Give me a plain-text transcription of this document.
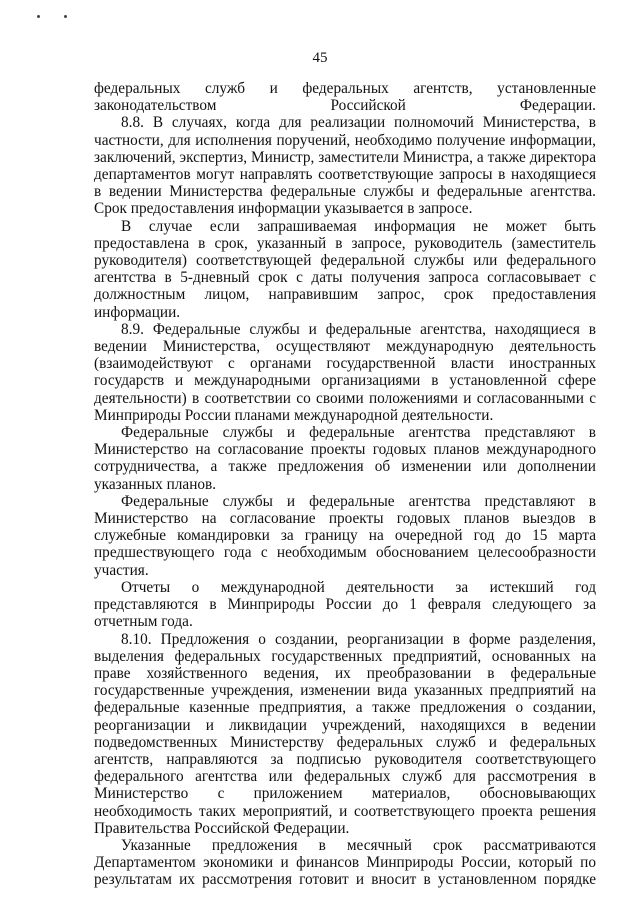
45

федеральных служб и федеральных агентств, установленные законодательством Российской Федерации.

8.8. В случаях, когда для реализации полномочий Министерства, в частности, для исполнения поручений, необходимо получение информации, заключений, экспертиз, Министр, заместители Министра, а также директора департаментов могут направлять соответствующие запросы в находящиеся в ведении Министерства федеральные службы и федеральные агентства. Срок предоставления информации указывается в запросе.

В случае если запрашиваемая информация не может быть предоставлена в срок, указанный в запросе, руководитель (заместитель руководителя) соответствующей федеральной службы или федерального агентства в 5-дневный срок с даты получения запроса согласовывает с должностным лицом, направившим запрос, срок предоставления информации.

8.9. Федеральные службы и федеральные агентства, находящиеся в ведении Министерства, осуществляют международную деятельность (взаимодействуют с органами государственной власти иностранных государств и международными организациями в установленной сфере деятельности) в соответствии со своими положениями и согласованными с Минприроды России планами международной деятельности.

Федеральные службы и федеральные агентства представляют в Министерство на согласование проекты годовых планов международного сотрудничества, а также предложения об изменении или дополнении указанных планов.

Федеральные службы и федеральные агентства представляют в Министерство на согласование проекты годовых планов выездов в служебные командировки за границу на очередной год до 15 марта предшествующего года с необходимым обоснованием целесообразности участия.

Отчеты о международной деятельности за истекший год представляются в Минприроды России до 1 февраля следующего за отчетным года.

8.10. Предложения о создании, реорганизации в форме разделения, выделения федеральных государственных предприятий, основанных на праве хозяйственного ведения, их преобразовании в федеральные государственные учреждения, изменении вида указанных предприятий на федеральные казенные предприятия, а также предложения о создании, реорганизации и ликвидации учреждений, находящихся в ведении подведомственных Министерству федеральных служб и федеральных агентств, направляются за подписью руководителя соответствующего федерального агентства или федеральных служб для рассмотрения в Министерство с приложением материалов, обосновывающих необходимость таких мероприятий, и соответствующего проекта решения Правительства Российской Федерации.

Указанные предложения в месячный срок рассматриваются Департаментом экономики и финансов Минприроды России, который по результатам их рассмотрения готовит и вносит в установленном порядке
